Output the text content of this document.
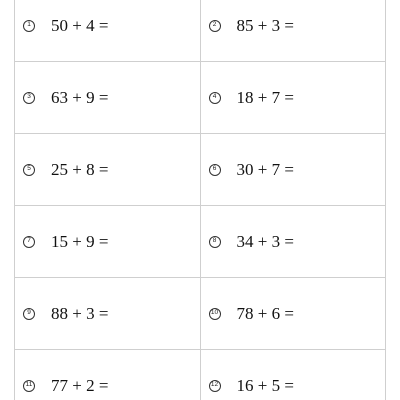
1 50 + 4 =	2 85 + 3 =
3 63 + 9 =	4 18 + 7 =
5 25 + 8 =	6 30 + 7 =
7 15 + 9 =	8 34 + 3 =
9 88 + 3 =	10 78 + 6 =
11 77 + 2 =	12 16 + 5 =
